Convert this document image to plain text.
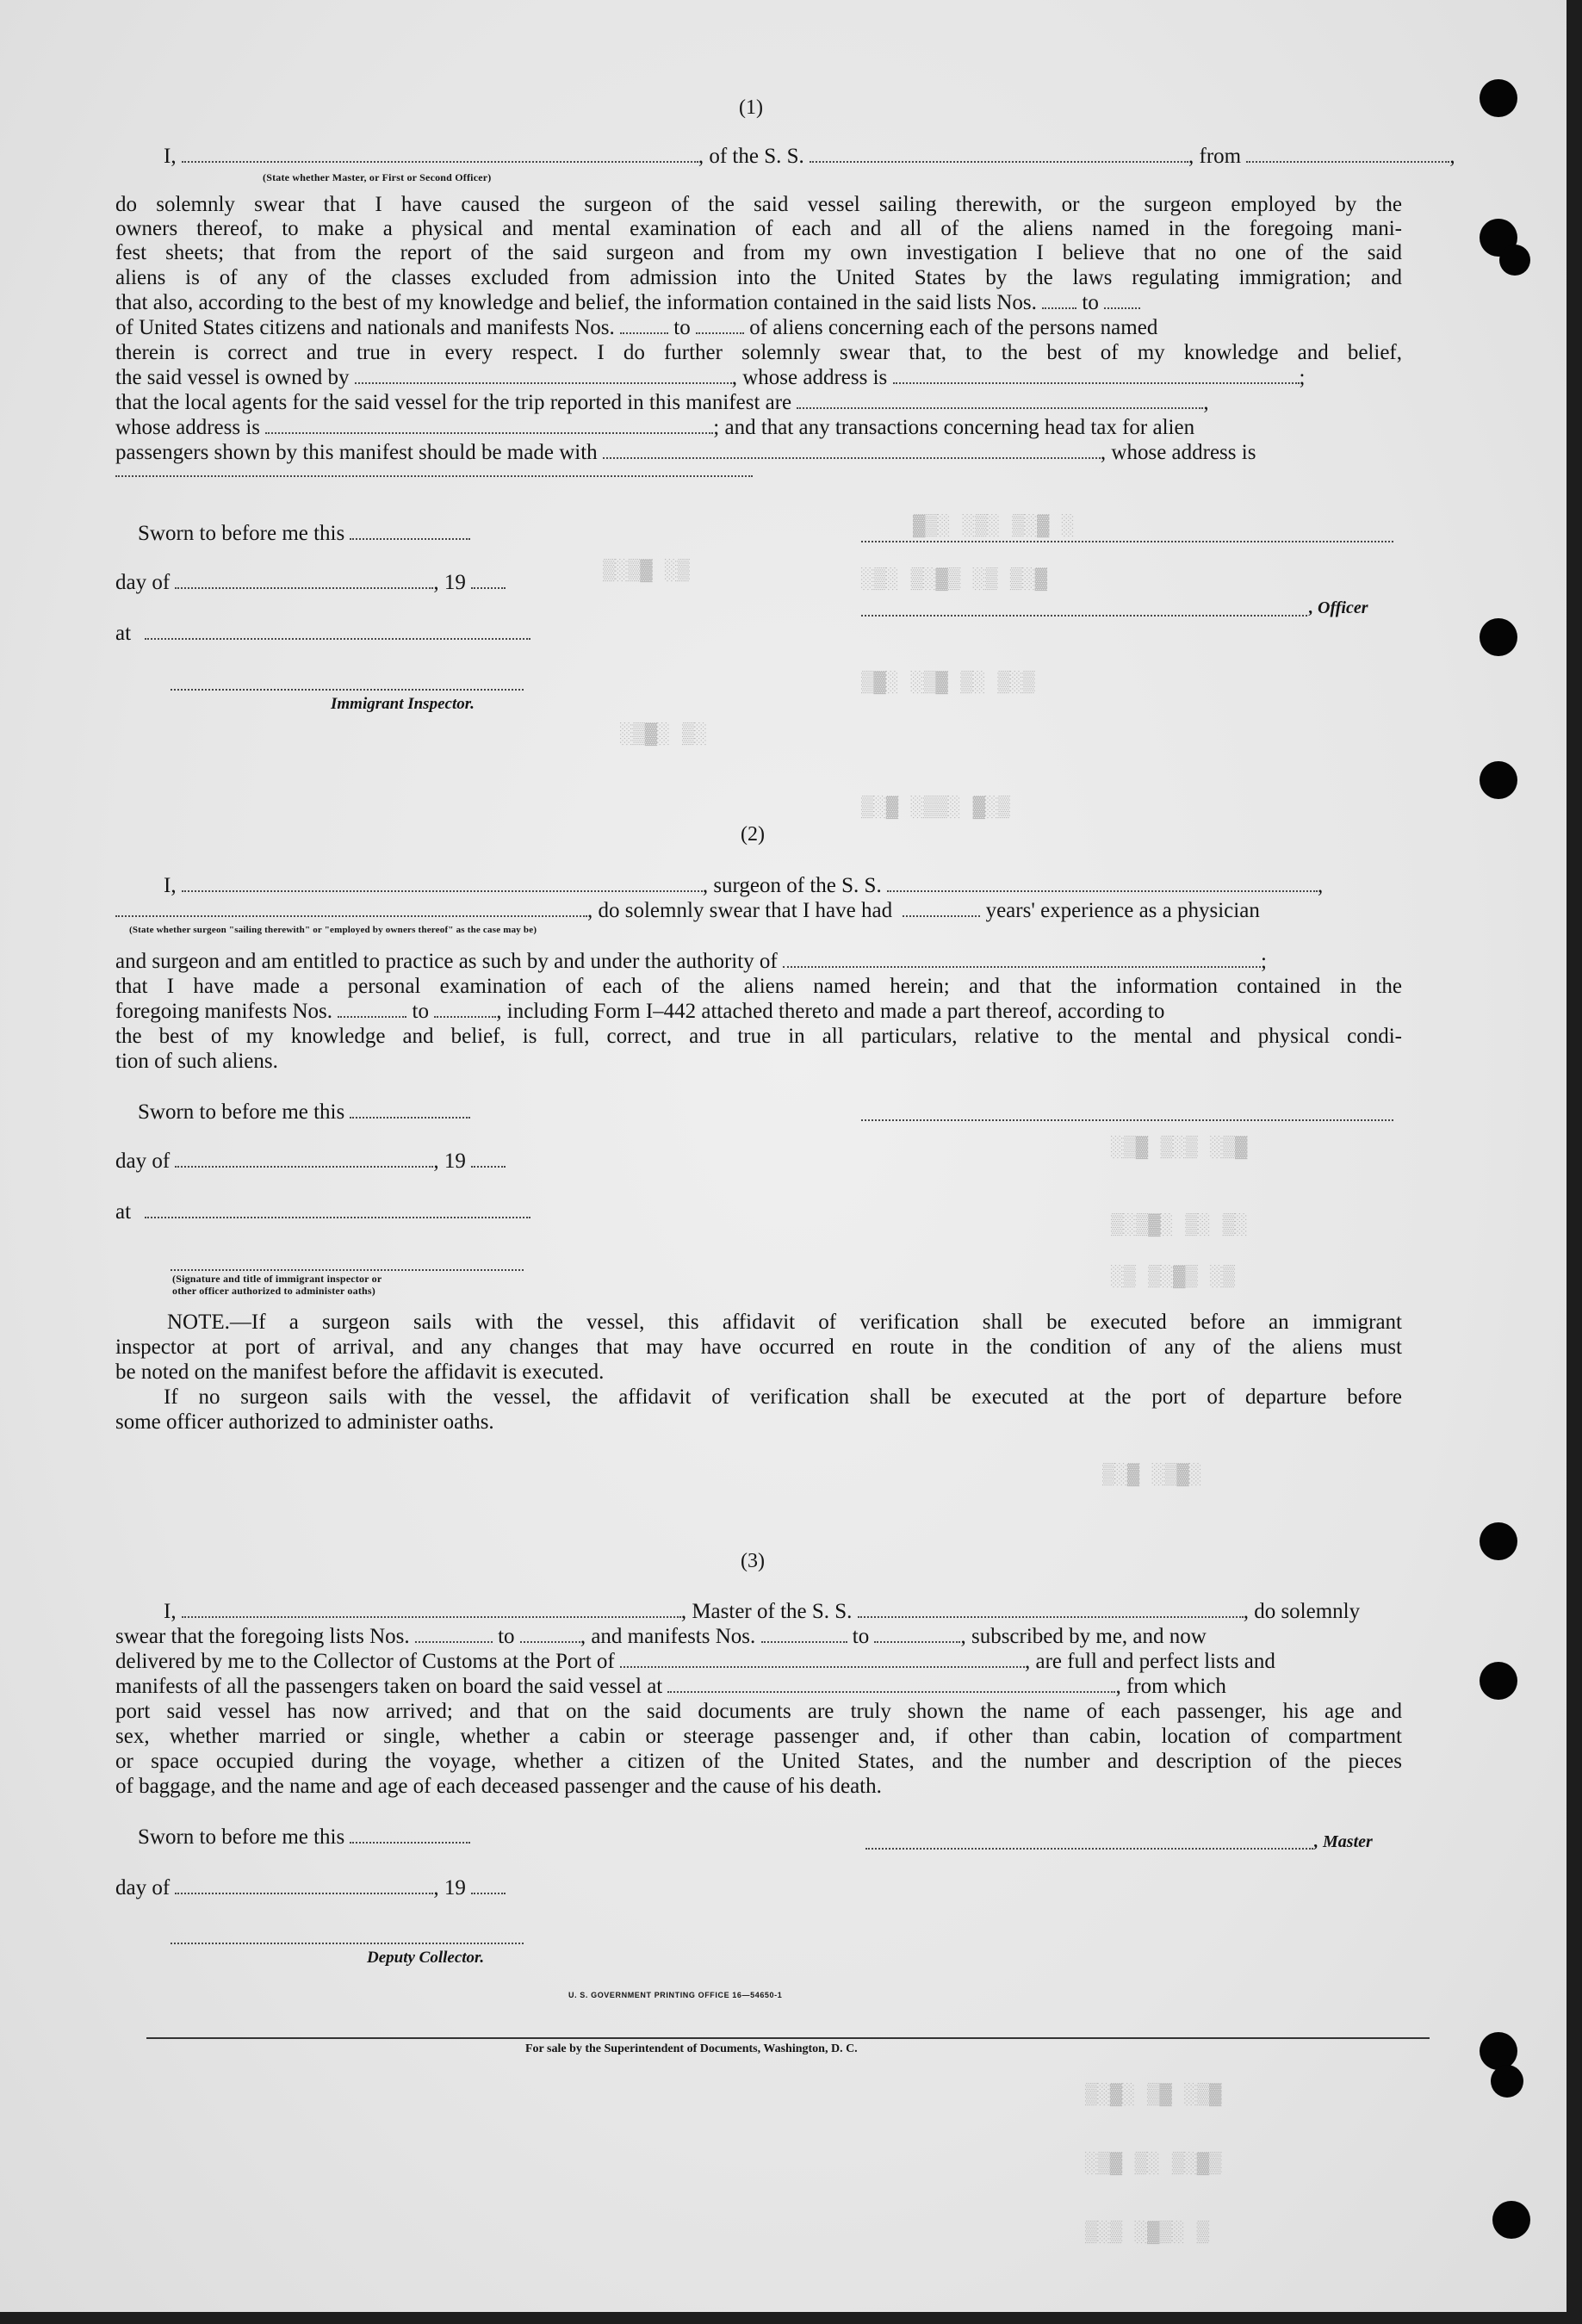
▓▒░ ░▒░ ▒░▓ ░
▒░▒▓ ░▒	░▒░ ▒░▓▒ ░▒ ▒░▓
▒▓░ ░▒▓ ▒░ ▒░▒
░▒▓░ ▒░
▒░▓ ░▒▒░ ▓░▒
░▒▓ ▒░▒ ░▒▓
▒░▒▓░ ▒░ ▒░
░▒ ▒░▓▒ ░▒
▒░▓ ░▒▓░
▒░▓░ ▒▓ ░▒▓
░▒▓ ▒░ ▒░▓▒
▒░▒ ░▓▒░ ▒
(1)
I,	, of the S. S.	, from	,
(State whether Master, or First or Second Officer)
do solemnly swear that I have caused the surgeon of the said vessel sailing therewith, or the surgeon employed by the
owners thereof, to make a physical and mental examination of each and all of the aliens named in the foregoing mani-
fest sheets; that from the report of the said surgeon and from my own investigation I believe that no one of the said
aliens is of any of the classes excluded from admission into the United States by the laws regulating immigration; and
that also, according to the best of my knowledge and belief, the information contained in the said lists Nos. to
of United States citizens and nationals and manifests Nos.	to	of aliens concerning each of the persons named
therein is correct and true in every respect. I do further solemnly swear that, to the best of my knowledge and belief,
the said vessel is owned by	, whose address is	;
that the local agents for the said vessel for the trip reported in this manifest are	,
whose address is	; and that any transactions concerning head tax for alien
passengers shown by this manifest should be made with	, whose address is
Sworn to before me this
day of	, 19
, Officer
at
Immigrant Inspector.
(2)
I,	, surgeon of the S. S.	,
, do solemnly swear that I have had	years' experience as a physician
(State whether surgeon "sailing therewith" or "employed by owners thereof" as the case may be)
and surgeon and am entitled to practice as such by and under the authority of	;
that I have made a personal examination of each of the aliens named herein; and that the information contained in the
foregoing manifests Nos.	to	, including Form I–442 attached thereto and made a part thereof, according to
the best of my knowledge and belief, is full, correct, and true in all particulars, relative to the mental and physical condi-
tion of such aliens.
Sworn to before me this
day of	, 19
at
(Signature and title of immigrant inspector or
other officer authorized to administer oaths)
NOTE.—If a surgeon sails with the vessel, this affidavit of verification shall be executed before an immigrant
inspector at port of arrival, and any changes that may have occurred en route in the condition of any of the aliens must
be noted on the manifest before the affidavit is executed.
If no surgeon sails with the vessel, the affidavit of verification shall be executed at the port of departure before
some officer authorized to administer oaths.
(3)
I,	, Master of the S. S.	, do solemnly
swear that the foregoing lists Nos.	to	, and manifests Nos.	to	, subscribed by me, and now
delivered by me to the Collector of Customs at the Port of	, are full and perfect lists and
manifests of all the passengers taken on board the said vessel at	, from which
port said vessel has now arrived; and that on the said documents are truly shown the name of each passenger, his age and
sex, whether married or single, whether a cabin or steerage passenger and, if other than cabin, location of compartment
or space occupied during the voyage, whether a citizen of the United States, and the number and description of the pieces
of baggage, and the name and age of each deceased passenger and the cause of his death.
Sworn to before me this	, Master
day of	, 19
Deputy Collector.
U. S. GOVERNMENT PRINTING OFFICE 16—54650-1
For sale by the Superintendent of Documents, Washington, D. C.
